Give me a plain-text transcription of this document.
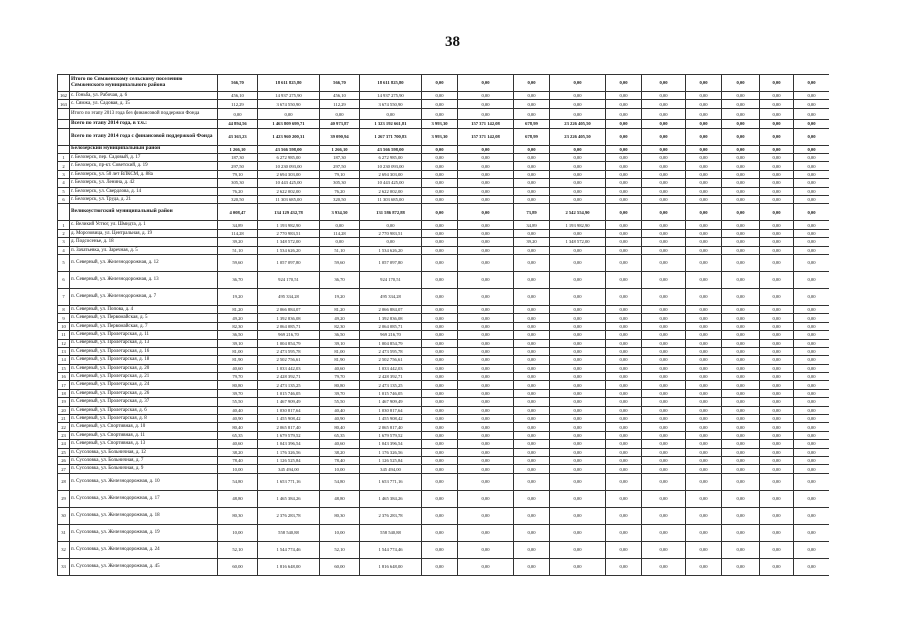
38
	Итого по Сямженскому сельскому поселению Сямженского муниципального района	566,70	18 611 825,80	566,70	18 611 825,80	0,00	0,00	0,00	0,00	0,00	0,00	0,00	0,00	0,00	0,00
162	с. Гоньба, ул. Рабочая, д. 6	456,10	14 937 275,90	456,10	14 937 275,90	0,00	0,00	0,00	0,00	0,00	0,00	0,00	0,00	0,00	0,00
163	с. Сямжа, ул. Садовая, д. 15	112,29	3 674 550,90	112,29	3 674 550,90	0,00	0,00	0,00	0,00	0,00	0,00	0,00	0,00	0,00	0,00
	Итого по этапу 2013 года без финансовой поддержки Фонда	0,00	0,00	0,00	0,00	0,00	0,00	0,00	0,00	0,00	0,00	0,00	0,00	0,00	0,00
	Всего по этапу 2014 года, в т.ч.:	44 894,56	1 463 809 699,71	40 973,87	1 323 192 661,81	3 993,30	157 371 142,08	678,99	23 226 405,50	0,00	0,00	0,00	0,00	0,00	0,00
	Всего по этапу 2014 года с финансовой поддержкой Фонда	43 363,23	1 423 960 200,31	39 090,94	1 267 371 700,83	3 993,30	157 371 142,08	678,99	23 226 405,50	0,00	0,00	0,00	0,00	0,00	0,00
	Белозерский муниципальный район	1 266,10	43 566 598,00	1 266,10	43 566 598,00	0,00	0,00	0,00	0,00	0,00	0,00	0,00	0,00	0,00	0,00
1	г. Белозерск, пер. Садовый, д. 17	187,30	6 272 985,00	187,30	6 272 985,00	0,00	0,00	0,00	0,00	0,00	0,00	0,00	0,00	0,00	0,00
2	г. Белозерск, пр-кт. Советский, д. 19	297,50	10 230 093,00	297,50	10 230 093,00	0,00	0,00	0,00	0,00	0,00	0,00	0,00	0,00	0,00	0,00
3	г. Белозерск, ул. 50 лет ВЛКСМ, д. 88а	79,10	2 694 303,00	79,10	2 694 303,00	0,00	0,00	0,00	0,00	0,00	0,00	0,00	0,00	0,00	0,00
4	г. Белозерск, ул. Ленина, д. 42	305,30	10 443 425,00	305,30	10 443 425,00	0,00	0,00	0,00	0,00	0,00	0,00	0,00	0,00	0,00	0,00
5	г. Белозерск, ул. Свердлова, д. 14	76,20	2 622 002,00	76,20	2 622 002,00	0,00	0,00	0,00	0,00	0,00	0,00	0,00	0,00	0,00	0,00
6	г. Белозерск, ул. Труда, д. 21	320,50	11 303 685,00	320,50	11 303 685,00	0,00	0,00	0,00	0,00	0,00	0,00	0,00	0,00	0,00	0,00
	Великоустюгский муниципальный район	4 008,47	134 129 432,78	3 934,50	131 586 872,88	0,00	0,00	73,89	2 542 554,90	0,00	0,00	0,00	0,00	0,00	0,00
1	с. Великий Устюг, ул. Шмидта, д. 1	34,89	1 193 982,90	0,00	0,00	0,00	0,00	34,89	1 193 982,90	0,00	0,00	0,00	0,00	0,00	0,00
2	д. Морозовица, ул. Центральная, д. 19	114,28	2 770 983,51	114,28	2 770 983,51	0,00	0,00	0,00	0,00	0,00	0,00	0,00	0,00	0,00	0,00
3	д. Подсосенье, д. 18	39,20	1 348 572,00	0,00	0,00	0,00	0,00	39,20	1 348 572,00	0,00	0,00	0,00	0,00	0,00	0,00
4	п. Зачатьевка, ул. Заречная, д. 5	51,10	1 534 626,20	51,10	1 534 626,20	0,00	0,00	0,00	0,00	0,00	0,00	0,00	0,00	0,00	0,00
5	п. Северный, ул. Железнодорожная, д. 12	59,60	1 057 097,80	59,60	1 057 097,80	0,00	0,00	0,00	0,00	0,00	0,00	0,00	0,00	0,00	0,00
6	п. Северный, ул. Железнодорожная, д. 13	36,70	924 170,51	36,70	924 170,51	0,00	0,00	0,00	0,00	0,00	0,00	0,00	0,00	0,00	0,00
7	п. Северный, ул. Железнодорожная, д. 7	19,20	495 334,28	19,20	495 334,28	0,00	0,00	0,00	0,00	0,00	0,00	0,00	0,00	0,00	0,00
8	п. Северный, ул. Попова, д. 4	81,20	2 066 884,07	81,20	2 066 884,07	0,00	0,00	0,00	0,00	0,00	0,00	0,00	0,00	0,00	0,00
9	п. Северный, ул. Первомайская, д. 5	49,20	1 392 836,08	49,20	1 392 836,08	0,00	0,00	0,00	0,00	0,00	0,00	0,00	0,00	0,00	0,00
10	п. Северный, ул. Первомайская, д. 7	82,30	2 064 085,71	82,30	2 064 085,71	0,00	0,00	0,00	0,00	0,00	0,00	0,00	0,00	0,00	0,00
11	п. Северный, ул. Пролетарская, д. 11	36,50	969 216,70	36,50	969 216,70	0,00	0,00	0,00	0,00	0,00	0,00	0,00	0,00	0,00	0,00
12	п. Северный, ул. Пролетарская, д. 13	39,10	1 004 854,79	39,10	1 004 854,79	0,00	0,00	0,00	0,00	0,00	0,00	0,00	0,00	0,00	0,00
13	п. Северный, ул. Пролетарская, д. 16	81,00	2 473 595,78	81,00	2 473 595,78	0,00	0,00	0,00	0,00	0,00	0,00	0,00	0,00	0,00	0,00
14	п. Северный, ул. Пролетарская, д. 18	81,90	2 502 756,61	81,90	2 502 756,61	0,00	0,00	0,00	0,00	0,00	0,00	0,00	0,00	0,00	0,00
15	п. Северный, ул. Пролетарская, д. 20	40,60	1 033 442,03	40,60	1 033 442,03	0,00	0,00	0,00	0,00	0,00	0,00	0,00	0,00	0,00	0,00
16	п. Северный, ул. Пролетарская, д. 21	79,70	2 428 392,71	79,70	2 428 392,71	0,00	0,00	0,00	0,00	0,00	0,00	0,00	0,00	0,00	0,00
17	п. Северный, ул. Пролетарская, д. 24	80,80	2 473 135,25	80,80	2 473 135,25	0,00	0,00	0,00	0,00	0,00	0,00	0,00	0,00	0,00	0,00
18	п. Северный, ул. Пролетарская, д. 26	39,70	1 015 746,05	39,70	1 015 746,05	0,00	0,00	0,00	0,00	0,00	0,00	0,00	0,00	0,00	0,00
19	п. Северный, ул. Пролетарская, д. 37	55,50	1 467 909,49	55,50	1 467 909,49	0,00	0,00	0,00	0,00	0,00	0,00	0,00	0,00	0,00	0,00
20	п. Северный, ул. Пролетарская, д. 6	40,40	1 030 817,64	40,40	1 030 817,64	0,00	0,00	0,00	0,00	0,00	0,00	0,00	0,00	0,00	0,00
21	п. Северный, ул. Пролетарская, д. 8	40,90	1 455 908,42	40,90	1 455 908,42	0,00	0,00	0,00	0,00	0,00	0,00	0,00	0,00	0,00	0,00
22	п. Северный, ул. Спортивная, д. 10	80,40	2 065 817,40	80,40	2 065 817,40	0,00	0,00	0,00	0,00	0,00	0,00	0,00	0,00	0,00	0,00
23	п. Северный, ул. Спортивная, д. 11	65,35	1 679 579,52	65,35	1 679 579,52	0,00	0,00	0,00	0,00	0,00	0,00	0,00	0,00	0,00	0,00
24	п. Северный, ул. Спортивная, д. 13	40,60	1 043 396,54	40,60	1 043 396,54	0,00	0,00	0,00	0,00	0,00	0,00	0,00	0,00	0,00	0,00
25	п. Сусоловка, ул. Больничная, д. 12	38,20	1 176 326,56	38,20	1 176 326,56	0,00	0,00	0,00	0,00	0,00	0,00	0,00	0,00	0,00	0,00
26	п. Сусоловка, ул. Больничная, д. 7	78,40	1 126 525,84	78,40	1 126 525,84	0,00	0,00	0,00	0,00	0,00	0,00	0,00	0,00	0,00	0,00
27	п. Сусоловка, ул. Больничная, д. 9	10,00	345 494,00	10,00	345 494,00	0,00	0,00	0,00	0,00	0,00	0,00	0,00	0,00	0,00	0,00
28	п. Сусоловка, ул. Железнодорожная, д. 10	54,80	1 653 771,16	54,80	1 653 771,16	0,00	0,00	0,00	0,00	0,00	0,00	0,00	0,00	0,00	0,00
29	п. Сусоловка, ул. Железнодорожная, д. 17	48,80	1 465 384,26	48,80	1 465 384,26	0,00	0,00	0,00	0,00	0,00	0,00	0,00	0,00	0,00	0,00
30	п. Сусоловка, ул. Железнодорожная, д. 18	80,30	2 376 283,78	80,30	2 376 283,78	0,00	0,00	0,00	0,00	0,00	0,00	0,00	0,00	0,00	0,00
31	п. Сусоловка, ул. Железнодорожная, д. 19	10,00	558 540,88	10,00	558 540,88	0,00	0,00	0,00	0,00	0,00	0,00	0,00	0,00	0,00	0,00
32	п. Сусоловка, ул. Железнодорожная, д. 24	52,10	1 544 774,46	52,10	1 544 774,46	0,00	0,00	0,00	0,00	0,00	0,00	0,00	0,00	0,00	0,00
33	п. Сусоловка, ул. Железнодорожная, д. 45	60,00	1 816 648,00	60,00	1 816 648,00	0,00	0,00	0,00	0,00	0,00	0,00	0,00	0,00	0,00	0,00
